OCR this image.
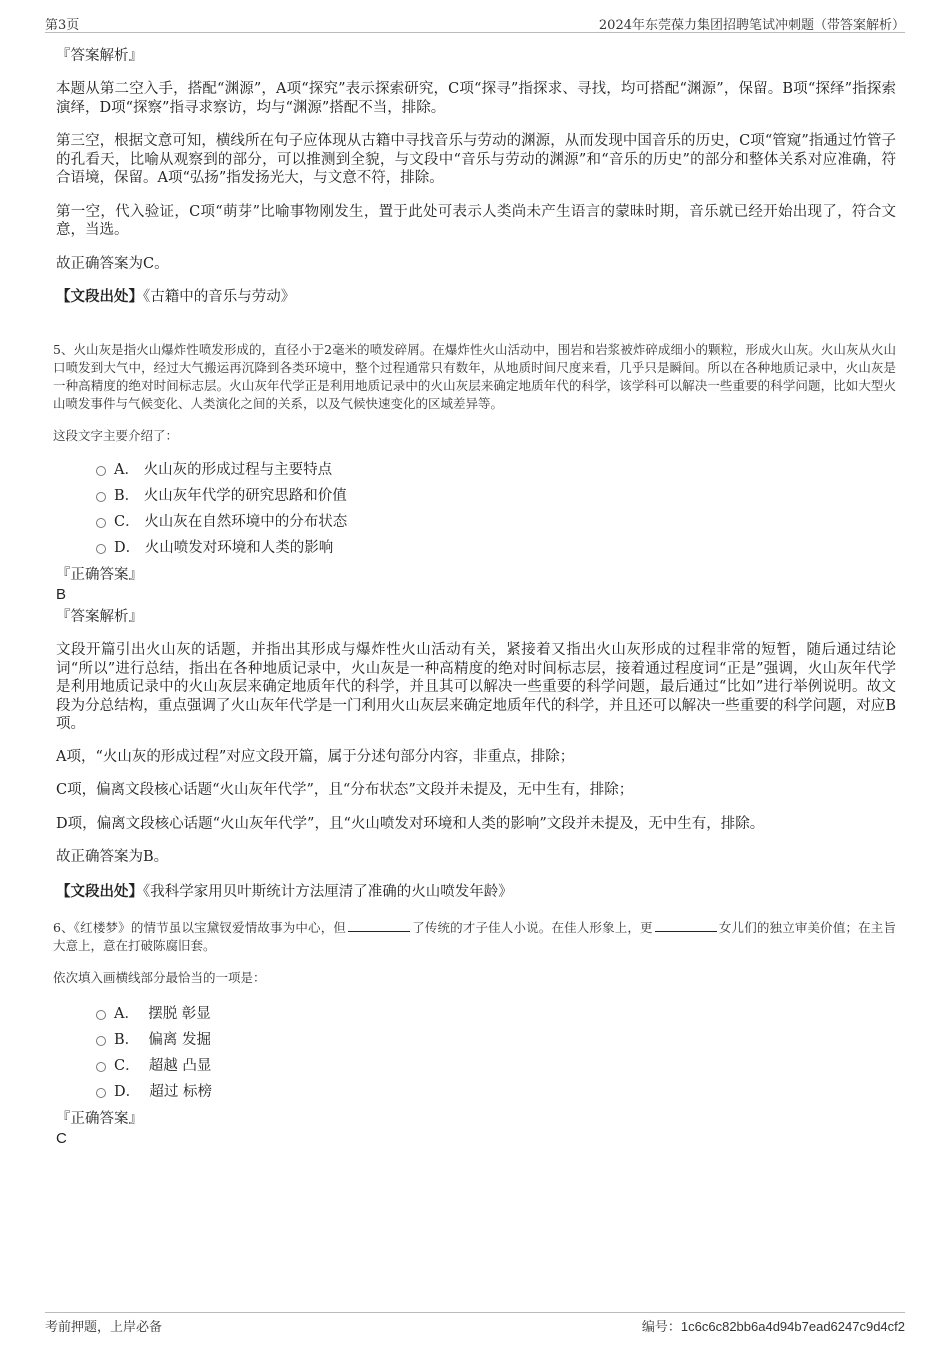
第3页	2024年东莞葆力集团招聘笔试冲刺题（带答案解析）
『答案解析』

本题从第二空入手，搭配“渊源”，A项“探究”表示探索研究，C项“探寻”指探求、寻找，均可搭配“渊源”，保留。B项“探绎”指探索演绎，D项“探察”指寻求察访，均与“渊源”搭配不当，排除。

第三空，根据文意可知，横线所在句子应体现从古籍中寻找音乐与劳动的渊源，从而发现中国音乐的历史，C项“管窥”指通过竹管子的孔看天，比喻从观察到的部分，可以推测到全貌，与文段中“音乐与劳动的渊源”和“音乐的历史”的部分和整体关系对应准确，符合语境，保留。A项“弘扬”指发扬光大，与文意不符，排除。

第一空，代入验证，C项“萌芽”比喻事物刚发生，置于此处可表示人类尚未产生语言的蒙昧时期，音乐就已经开始出现了，符合文意，当选。

故正确答案为C。

【文段出处】《古籍中的音乐与劳动》

5、火山灰是指火山爆炸性喷发形成的，直径小于2毫米的喷发碎屑。在爆炸性火山活动中，围岩和岩浆被炸碎成细小的颗粒，形成火山灰。火山灰从火山口喷发到大气中，经过大气搬运再沉降到各类环境中，整个过程通常只有数年，从地质时间尺度来看，几乎只是瞬间。所以在各种地质记录中，火山灰是一种高精度的绝对时间标志层。火山灰年代学正是利用地质记录中的火山灰层来确定地质年代的科学，该学科可以解决一些重要的科学问题，比如大型火山喷发事件与气候变化、人类演化之间的关系，以及气候快速变化的区域差异等。

这段文字主要介绍了：

A． 火山灰的形成过程与主要特点
B． 火山灰年代学的研究思路和价值
C． 火山灰在自然环境中的分布状态
D． 火山喷发对环境和人类的影响
『正确答案』
B
『答案解析』

文段开篇引出火山灰的话题，并指出其形成与爆炸性火山活动有关，紧接着又指出火山灰形成的过程非常的短暂，随后通过结论词“所以”进行总结，指出在各种地质记录中，火山灰是一种高精度的绝对时间标志层，接着通过程度词“正是”强调，火山灰年代学是利用地质记录中的火山灰层来确定地质年代的科学，并且其可以解决一些重要的科学问题，最后通过“比如”进行举例说明。故文段为分总结构，重点强调了火山灰年代学是一门利用火山灰层来确定地质年代的科学，并且还可以解决一些重要的科学问题，对应B项。

A项，“火山灰的形成过程”对应文段开篇，属于分述句部分内容，非重点，排除；

C项，偏离文段核心话题“火山灰年代学”，且“分布状态”文段并未提及，无中生有，排除；

D项，偏离文段核心话题“火山灰年代学”，且“火山喷发对环境和人类的影响”文段并未提及，无中生有，排除。

故正确答案为B。

【文段出处】《我科学家用贝叶斯统计方法厘清了准确的火山喷发年龄》

6、《红楼梦》的情节虽以宝黛钗爱情故事为中心，但	了传统的才子佳人小说。在佳人形象上，更	女儿们的独立审美价值；在主旨大意上，意在打破陈腐旧套。

依次填入画横线部分最恰当的一项是：

A． 摆脱 彰显
B． 偏离 发掘
C． 超越 凸显
D． 超过 标榜
『正确答案』
C
考前押题，上岸必备	编号：1c6c6c82bb6a4d94b7ead6247c9d4cf2
